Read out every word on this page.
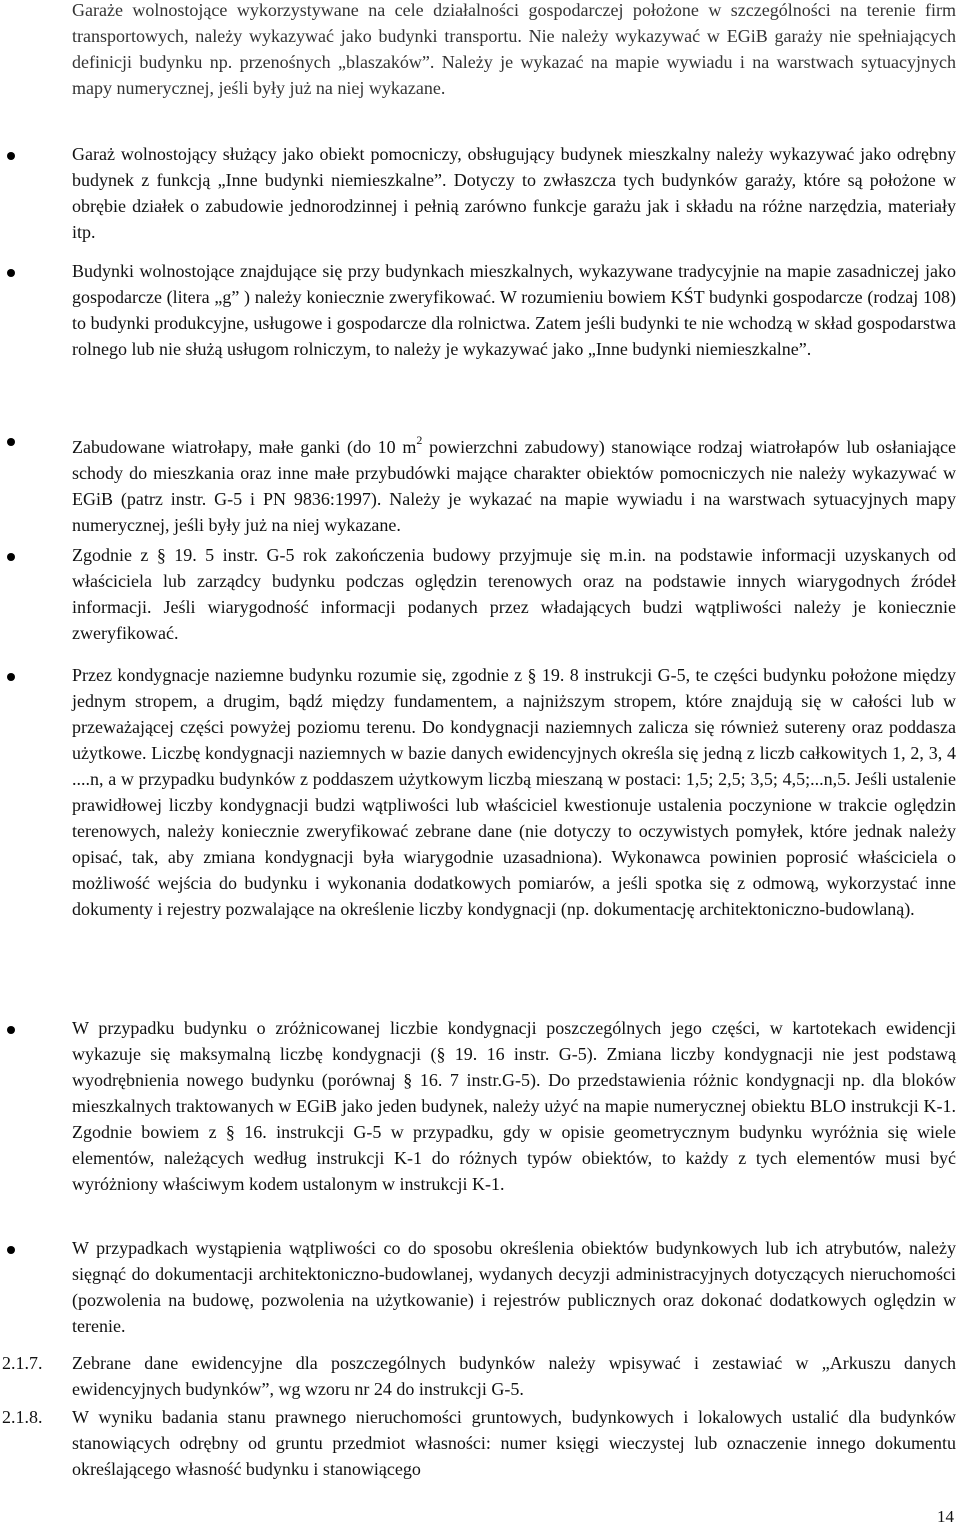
Garaże wolnostojące wykorzystywane na cele działalności gospodarczej położone w szczególności na terenie firm transportowych, należy wykazywać jako budynki transportu. Nie należy wykazywać w EGiB garaży nie spełniających definicji budynku np. przenośnych „blaszaków”. Należy je wykazać na mapie wywiadu i na warstwach sytuacyjnych mapy numerycznej, jeśli były już na niej wykazane.

Garaż wolnostojący służący jako obiekt pomocniczy, obsługujący budynek mieszkalny należy wykazywać jako odrębny budynek z funkcją „Inne budynki niemieszkalne”. Dotyczy to zwłaszcza tych budynków garaży, które są położone w obrębie działek o zabudowie jednorodzinnej i pełnią zarówno funkcje garażu jak i składu na różne narzędzia, materiały itp.

Budynki wolnostojące znajdujące się przy budynkach mieszkalnych, wykazywane tradycyjnie na mapie zasadniczej jako gospodarcze (litera „g” ) należy koniecznie zweryfikować. W rozumieniu bowiem KŚT budynki gospodarcze (rodzaj 108) to budynki produkcyjne, usługowe i gospodarcze dla rolnictwa. Zatem jeśli budynki te nie wchodzą w skład gospodarstwa rolnego lub nie służą usługom rolniczym, to należy je wykazywać jako „Inne budynki niemieszkalne”.

Zabudowane wiatrołapy, małe ganki (do 10 $m^2$ powierzchni zabudowy) stanowiące rodzaj wiatrołapów lub osłaniające schody do mieszkania oraz inne małe przybudówki mające charakter obiektów pomocniczych nie należy wykazywać w EGiB (patrz instr. G-5 i PN 9836:1997). Należy je wykazać na mapie wywiadu i na warstwach sytuacyjnych mapy numerycznej, jeśli były już na niej wykazane.

Zgodnie z § 19. 5 instr. G-5 rok zakończenia budowy przyjmuje się m.in. na podstawie informacji uzyskanych od właściciela lub zarządcy budynku podczas oględzin terenowych oraz na podstawie innych wiarygodnych źródeł informacji. Jeśli wiarygodność informacji podanych przez władających budzi wątpliwości należy je koniecznie zweryfikować.

Przez kondygnacje naziemne budynku rozumie się, zgodnie z § 19. 8 instrukcji G-5, te części budynku położone między jednym stropem, a drugim, bądź między fundamentem, a najniższym stropem, które znajdują się w całości lub w przeważającej części powyżej poziomu terenu. Do kondygnacji naziemnych zalicza się również sutereny oraz poddasza użytkowe. Liczbę kondygnacji naziemnych w bazie danych ewidencyjnych określa się jedną z liczb całkowitych 1, 2, 3, 4 ....n, a w przypadku budynków z poddaszem użytkowym liczbą mieszaną w postaci: 1,5; 2,5; 3,5; 4,5;...n,5. Jeśli ustalenie prawidłowej liczby kondygnacji budzi wątpliwości lub właściciel kwestionuje ustalenia poczynione w trakcie oględzin terenowych, należy koniecznie zweryfikować zebrane dane (nie dotyczy to oczywistych pomyłek, które jednak należy opisać, tak, aby zmiana kondygnacji była wiarygodnie uzasadniona). Wykonawca powinien poprosić właściciela o możliwość wejścia do budynku i wykonania dodatkowych pomiarów, a jeśli spotka się z odmową, wykorzystać inne dokumenty i rejestry pozwalające na określenie liczby kondygnacji (np. dokumentację architektoniczno-budowlaną).

W przypadku budynku o zróżnicowanej liczbie kondygnacji poszczególnych jego części, w kartotekach ewidencji wykazuje się maksymalną liczbę kondygnacji (§ 19. 16 instr. G-5). Zmiana liczby kondygnacji nie jest podstawą wyodrębnienia nowego budynku (porównaj § 16. 7 instr.G-5). Do przedstawienia różnic kondygnacji np. dla bloków mieszkalnych traktowanych w EGiB jako jeden budynek, należy użyć na mapie numerycznej obiektu BLO instrukcji K-1. Zgodnie bowiem z § 16. instrukcji G-5 w przypadku, gdy w opisie geometrycznym budynku wyróżnia się wiele elementów, należących według instrukcji K-1 do różnych typów obiektów, to każdy z tych elementów musi być wyróżniony właściwym kodem ustalonym w instrukcji K-1.

W przypadkach wystąpienia wątpliwości co do sposobu określenia obiektów budynkowych lub ich atrybutów, należy sięgnąć do dokumentacji architektoniczno-budowlanej, wydanych decyzji administracyjnych dotyczących nieruchomości (pozwolenia na budowę, pozwolenia na użytkowanie) i rejestrów publicznych oraz dokonać dodatkowych oględzin w terenie.

2.1.7. Zebrane dane ewidencyjne dla poszczególnych budynków należy wpisywać i zestawiać w „Arkuszu danych ewidencyjnych budynków”, wg wzoru nr 24 do instrukcji G-5.

2.1.8. W wyniku badania stanu prawnego nieruchomości gruntowych, budynkowych i lokalowych ustalić dla budynków stanowiących odrębny od gruntu przedmiot własności: numer księgi wieczystej lub oznaczenie innego dokumentu określającego własność budynku i stanowiącego

14
